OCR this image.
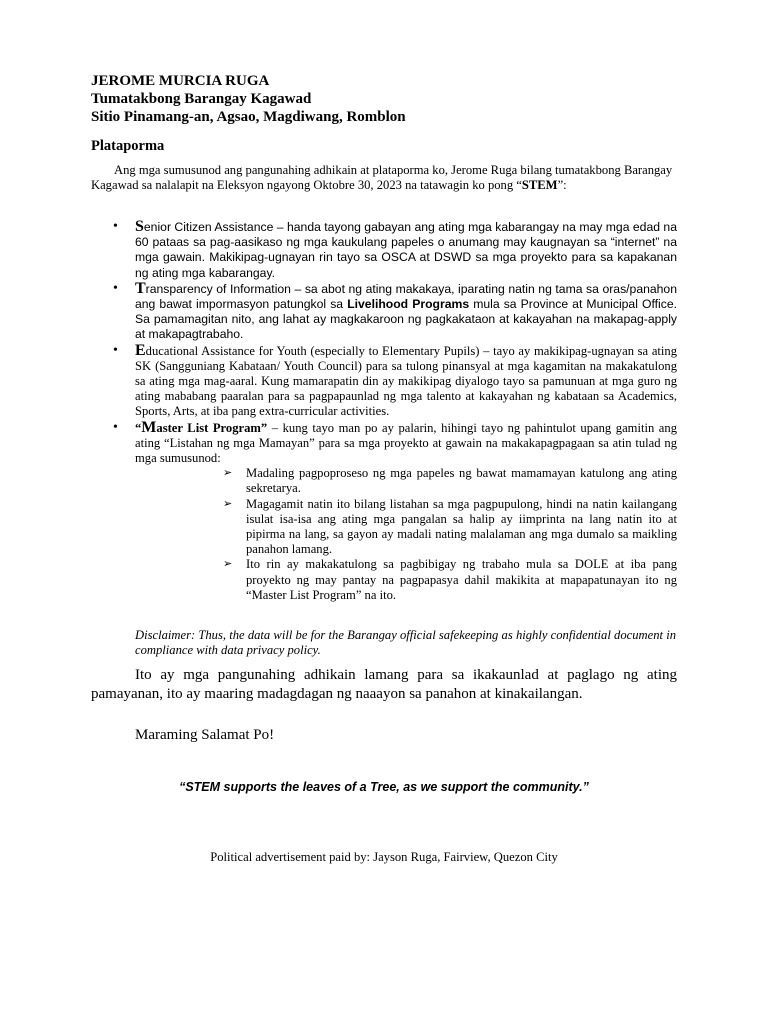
JEROME MURCIA RUGA
Tumatakbong Barangay Kagawad
Sitio Pinamang-an, Agsao, Magdiwang, Romblon
Plataporma

Ang mga sumusunod ang pangunahing adhikain at plataporma ko, Jerome Ruga bilang tumatakbong Barangay Kagawad sa nalalapit na Eleksyon ngayong Oktobre 30, 2023 na tatawagin ko pong “STEM”:

• Senior Citizen Assistance – handa tayong gabayan ang ating mga kabarangay na may mga edad na 60 pataas sa pag-aasikaso ng mga kaukulang papeles o anumang may kaugnayan sa “internet” na mga gawain. Makikipag-ugnayan rin tayo sa OSCA at DSWD sa mga proyekto para sa kapakanan ng ating mga kabarangay.
• Transparency of Information – sa abot ng ating makakaya, iparating natin ng tama sa oras/panahon ang bawat impormasyon patungkol sa Livelihood Programs mula sa Province at Municipal Office. Sa pamamagitan nito, ang lahat ay magkakaroon ng pagkakataon at kakayahan na makapag-apply at makapagtrabaho.
• Educational Assistance for Youth (especially to Elementary Pupils) – tayo ay makikipag-ugnayan sa ating SK (Sangguniang Kabataan/ Youth Council) para sa tulong pinansyal at mga kagamitan na makakatulong sa ating mga mag-aaral. Kung mamarapatin din ay makikipag diyalogo tayo sa pamunuan at mga guro ng ating mababang paaralan para sa pagpapaunlad ng mga talento at kakayahan ng kabataan sa Academics, Sports, Arts, at iba pang extra-curricular activities.
• “Master List Program” – kung tayo man po ay palarin, hihingi tayo ng pahintulot upang gamitin ang ating “Listahan ng mga Mamayan” para sa mga proyekto at gawain na makakapagpagaan sa atin tulad ng mga sumusunod:
➢ Madaling pagpoproseso ng mga papeles ng bawat mamamayan katulong ang ating sekretarya.
➢ Magagamit natin ito bilang listahan sa mga pagpupulong, hindi na natin kailangang isulat isa-isa ang ating mga pangalan sa halip ay iimprinta na lang natin ito at pipirma na lang, sa gayon ay madali nating malalaman ang mga dumalo sa maikling panahon lamang.
➢ Ito rin ay makakatulong sa pagbibigay ng trabaho mula sa DOLE at iba pang proyekto ng may pantay na pagpapasya dahil makikita at mapapatunayan ito ng “Master List Program” na ito.
Disclaimer: Thus, the data will be for the Barangay official safekeeping as highly confidential document in compliance with data privacy policy.

Ito ay mga pangunahing adhikain lamang para sa ikakaunlad at paglago ng ating pamayanan, ito ay maaring madagdagan ng naaayon sa panahon at kinakailangan.

Maraming Salamat Po!
“STEM supports the leaves of a Tree, as we support the community.”
Political advertisement paid by: Jayson Ruga, Fairview, Quezon City
